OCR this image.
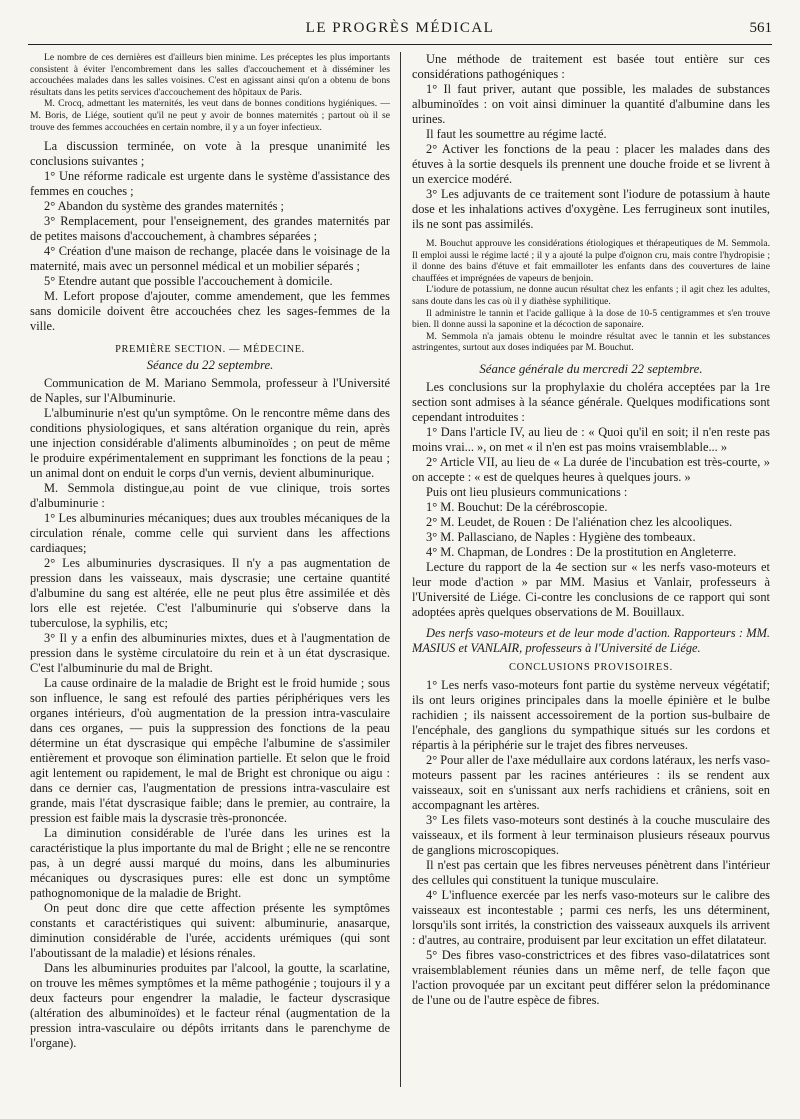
LE PROGRÈS MÉDICAL	561

Le nombre de ces dernières est d'ailleurs bien minime. Les préceptes les plus importants consistent à éviter l'encombrement dans les salles d'accouchement et à disséminer les accouchées malades dans les salles voisines. C'est en agissant ainsi qu'on a obtenu de bons résultats dans les petits services d'accouchement des hôpitaux de Paris.

M. Crocq, admettant les maternités, les veut dans de bonnes conditions hygiéniques. — M. Boris, de Liége, soutient qu'il ne peut y avoir de bonnes maternités ; partout où il se trouve des femmes accouchées en certain nombre, il y a un foyer infectieux.

La discussion terminée, on vote à la presque unanimité les conclusions suivantes ;

1° Une réforme radicale est urgente dans le système d'assistance des femmes en couches ;

2° Abandon du système des grandes maternités ;

3° Remplacement, pour l'enseignement, des grandes maternités par de petites maisons d'accouchement, à chambres séparées ;

4° Création d'une maison de rechange, placée dans le voisinage de la maternité, mais avec un personnel médical et un mobilier séparés ;

5° Etendre autant que possible l'accouchement à domicile.

M. Lefort propose d'ajouter, comme amendement, que les femmes sans domicile doivent être accouchées chez les sages-femmes de la ville.

PREMIÈRE SECTION. — MÉDECINE.
Séance du 22 septembre.

Communication de M. Mariano Semmola, professeur à l'Université de Naples, sur l'Albuminurie.

L'albuminurie n'est qu'un symptôme. On le rencontre même dans des conditions physiologiques, et sans altération organique du rein, après une injection considérable d'aliments albuminoïdes ; on peut de même le produire expérimentalement en supprimant les fonctions de la peau ; un animal dont on enduit le corps d'un vernis, devient albuminurique.

M. Semmola distingue,au point de vue clinique, trois sortes d'albuminurie :

1° Les albuminuries mécaniques; dues aux troubles mécaniques de la circulation rénale, comme celle qui survient dans les affections cardiaques;

2° Les albuminuries dyscrasiques. Il n'y a pas augmentation de pression dans les vaisseaux, mais dyscrasie; une certaine quantité d'albumine du sang est altérée, elle ne peut plus être assimilée et dès lors elle est rejetée. C'est l'albuminurie qui s'observe dans la tuberculose, la syphilis, etc;

3° Il y a enfin des albuminuries mixtes, dues et à l'augmentation de pression dans le système circulatoire du rein et à un état dyscrasique. C'est l'albuminurie du mal de Bright.

La cause ordinaire de la maladie de Bright est le froid humide ; sous son influence, le sang est refoulé des parties périphériques vers les organes intérieurs, d'où augmentation de la pression intra-vasculaire dans ces organes, — puis la suppression des fonctions de la peau détermine un état dyscrasique qui empêche l'albumine de s'assimiler entièrement et provoque son élimination partielle. Et selon que le froid agit lentement ou rapidement, le mal de Bright est chronique ou aigu : dans ce dernier cas, l'augmentation de pressions intra-vasculaire est grande, mais l'état dyscrasique faible; dans le premier, au contraire, la pression est faible mais la dyscrasie très-prononcée.

La diminution considérable de l'urée dans les urines est la caractéristique la plus importante du mal de Bright ; elle ne se rencontre pas, à un degré aussi marqué du moins, dans les albuminuries mécaniques ou dyscrasiques pures: elle est donc un symptôme pathognomonique de la maladie de Bright.

On peut donc dire que cette affection présente les symptômes constants et caractéristiques qui suivent: albuminurie, anasarque, diminution considérable de l'urée, accidents urémiques (qui sont l'aboutissant de la maladie) et lésions rénales.

Dans les albuminuries produites par l'alcool, la goutte, la scarlatine, on trouve les mêmes symptômes et la même pathogénie ; toujours il y a deux facteurs pour engendrer la maladie, le facteur dyscrasique (altération des albuminoïdes) et le facteur rénal (augmentation de la pression intra-vasculaire ou dépôts irritants dans le parenchyme de l'organe).

Une méthode de traitement est basée tout entière sur ces considérations pathogéniques :

1° Il faut priver, autant que possible, les malades de substances albuminoïdes : on voit ainsi diminuer la quantité d'albumine dans les urines.

Il faut les soumettre au régime lacté.

2° Activer les fonctions de la peau : placer les malades dans des étuves à la sortie desquels ils prennent une douche froide et se livrent à un exercice modéré.

3° Les adjuvants de ce traitement sont l'iodure de potassium à haute dose et les inhalations actives d'oxygène. Les ferrugineux sont inutiles, ils ne sont pas assimilés.

M. Bouchut approuve les considérations étiologiques et thérapeutiques de M. Semmola. Il emploi aussi le régime lacté ; il y a ajouté la pulpe d'oignon cru, mais contre l'hydropisie ; il donne des bains d'étuve et fait emmailloter les enfants dans des couvertures de laine chauffées et imprégnées de vapeurs de benjoin.

L'iodure de potassium, ne donne aucun résultat chez les enfants ; il agit chez les adultes, sans doute dans les cas où il y diathèse syphilitique.

Il administre le tannin et l'acide gallique à la dose de 10-5 centigrammes et s'en trouve bien. Il donne aussi la saponine et la décoction de saponaire.

M. Semmola n'a jamais obtenu le moindre résultat avec le tannin et les substances astringentes, surtout aux doses indiquées par M. Bouchut.

Séance générale du mercredi 22 septembre.

Les conclusions sur la prophylaxie du choléra acceptées par la 1re section sont admises à la séance générale. Quelques modifications sont cependant introduites :

1° Dans l'article IV, au lieu de : « Quoi qu'il en soit; il n'en reste pas moins vrai... », on met « il n'en est pas moins vraisemblable... »

2° Article VII, au lieu de « La durée de l'incubation est très-courte, » on accepte : « est de quelques heures à quelques jours. »

Puis ont lieu plusieurs communications :

1° M. Bouchut: De la cérébroscopie.

2° M. Leudet, de Rouen : De l'aliénation chez les alcooliques.

3° M. Pallasciano, de Naples : Hygiène des tombeaux.

4° M. Chapman, de Londres : De la prostitution en Angleterre.

Lecture du rapport de la 4e section sur « les nerfs vaso-moteurs et leur mode d'action » par MM. Masius et Vanlair, professeurs à l'Université de Liége. Ci-contre les conclusions de ce rapport qui sont adoptées après quelques observations de M. Bouillaux.

Des nerfs vaso-moteurs et de leur mode d'action. Rapporteurs : MM. MASIUS et VANLAIR, professeurs à l'Université de Liége.

CONCLUSIONS PROVISOIRES.

1° Les nerfs vaso-moteurs font partie du système nerveux végétatif; ils ont leurs origines principales dans la moelle épinière et le bulbe rachidien ; ils naissent accessoirement de la portion sus-bulbaire de l'encéphale, des ganglions du sympathique situés sur les cordons et répartis à la périphérie sur le trajet des fibres nerveuses.

2° Pour aller de l'axe médullaire aux cordons latéraux, les nerfs vaso-moteurs passent par les racines antérieures : ils se rendent aux vaisseaux, soit en s'unissant aux nerfs rachidiens et crâniens, soit en accompagnant les artères.

3° Les filets vaso-moteurs sont destinés à la couche musculaire des vaisseaux, et ils forment à leur terminaison plusieurs réseaux pourvus de ganglions microscopiques.

Il n'est pas certain que les fibres nerveuses pénètrent dans l'intérieur des cellules qui constituent la tunique musculaire.

4° L'influence exercée par les nerfs vaso-moteurs sur le calibre des vaisseaux est incontestable ; parmi ces nerfs, les uns déterminent, lorsqu'ils sont irrités, la constriction des vaisseaux auxquels ils arrivent : d'autres, au contraire, produisent par leur excitation un effet dilatateur.

5° Des fibres vaso-constrictrices et des fibres vaso-dilatatrices sont vraisemblablement réunies dans un même nerf, de telle façon que l'action provoquée par un excitant peut différer selon la prédominance de l'une ou de l'autre espèce de fibres.
